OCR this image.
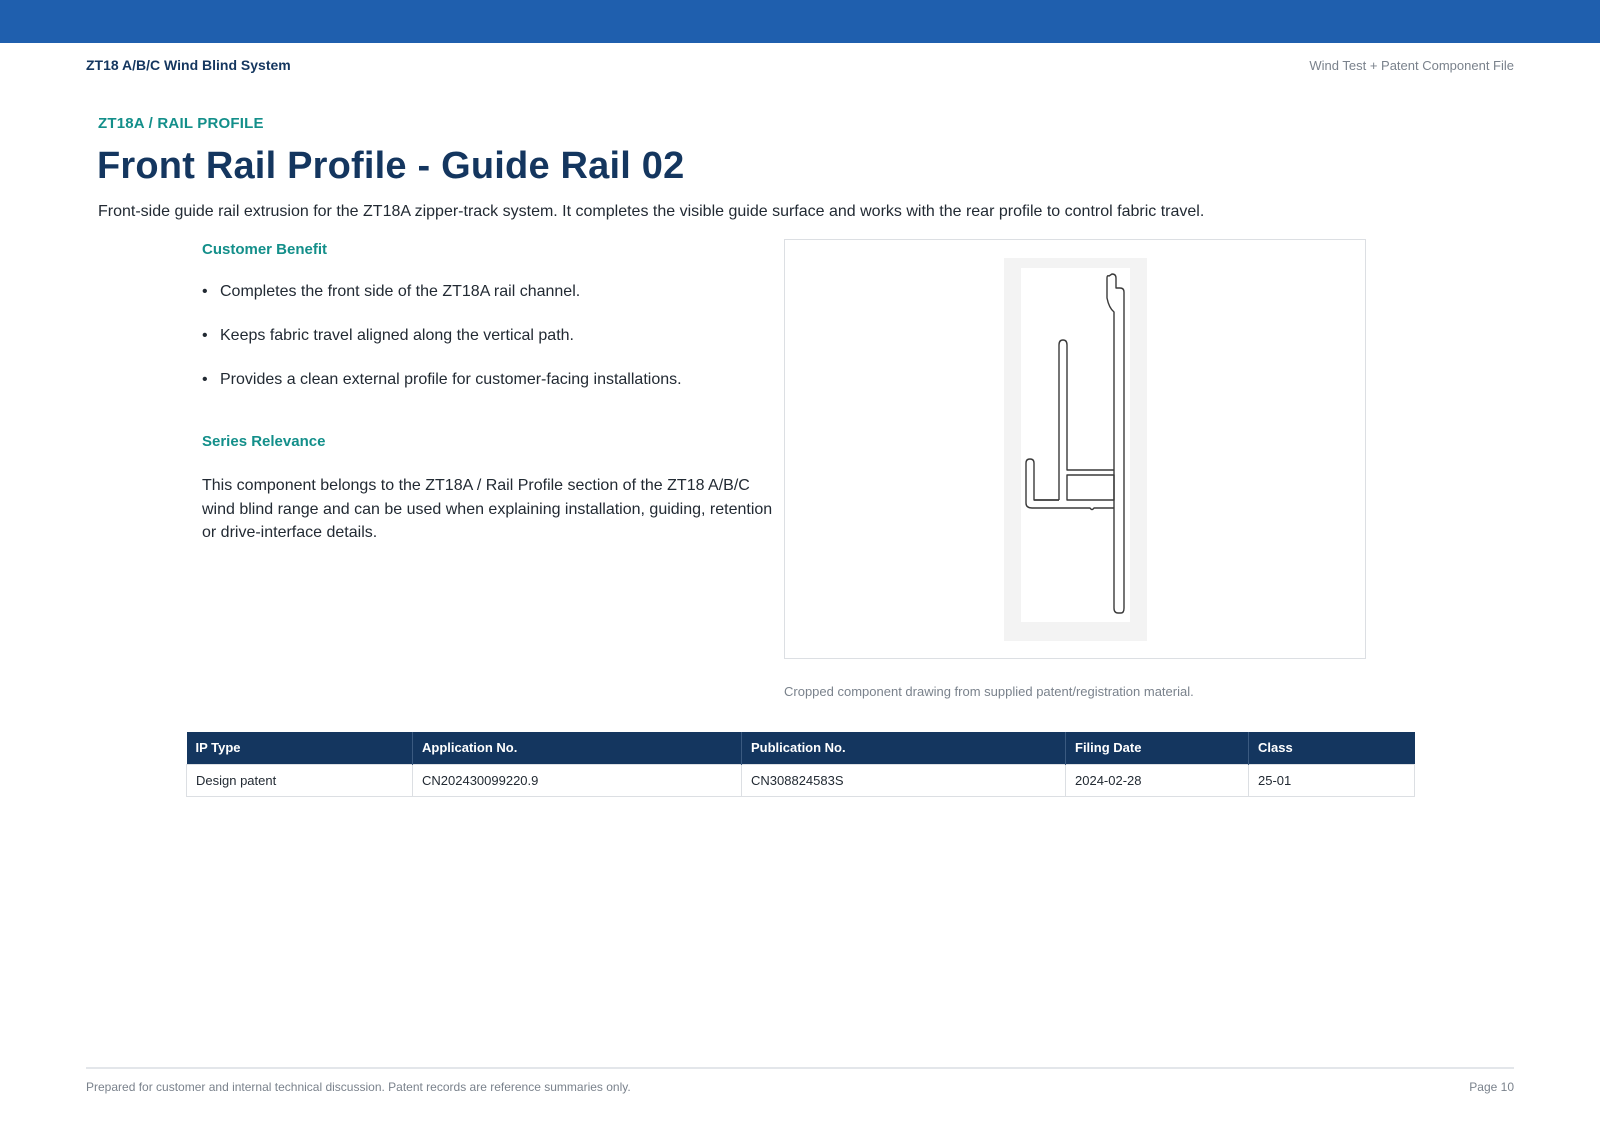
ZT18 A/B/C Wind Blind System	Wind Test + Patent Component File
ZT18A / RAIL PROFILE
Front Rail Profile - Guide Rail 02

Front-side guide rail extrusion for the ZT18A zipper-track system. It completes the visible guide surface and works with the rear profile to control fabric travel.

Customer Benefit
• Completes the front side of the ZT18A rail channel.
• Keeps fabric travel aligned along the vertical path.
• Provides a clean external profile for customer-facing installations.
Series Relevance

This component belongs to the ZT18A / Rail Profile section of the ZT18 A/B/C wind blind range and can be used when explaining installation, guiding, retention or drive-interface details.

Cropped component drawing from supplied patent/registration material.
IP Type	Application No.	Publication No.	Filing Date	Class
Design patent	CN202430099220.9	CN308824583S	2024-02-28	25-01
Prepared for customer and internal technical discussion. Patent records are reference summaries only.	Page 10
